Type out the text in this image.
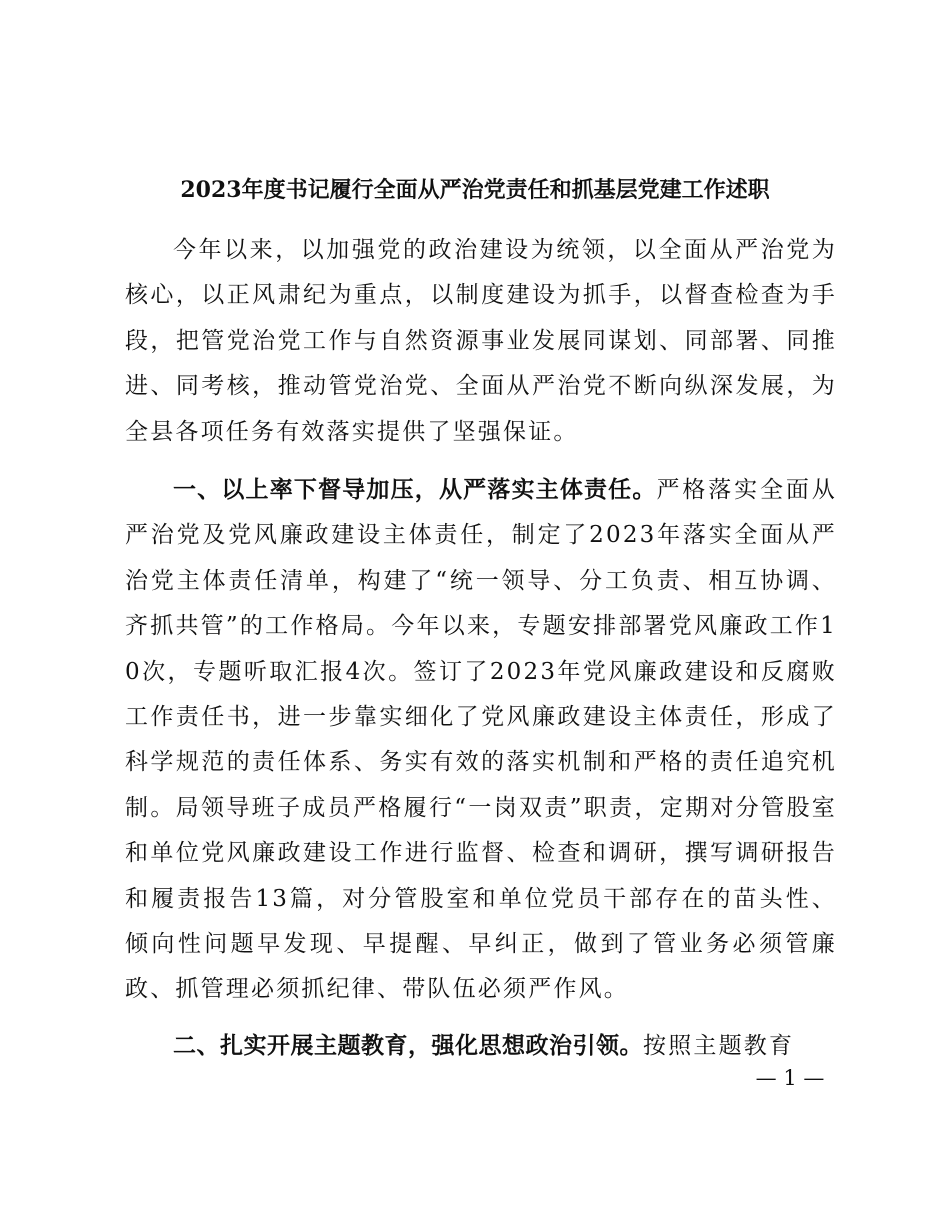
2023年度书记履行全面从严治党责任和抓基层党建工作述职

今年以来，以加强党的政治建设为统领，以全面从严治党为核心，以正风肃纪为重点，以制度建设为抓手，以督查检查为手段，把管党治党工作与自然资源事业发展同谋划、同部署、同推进、同考核，推动管党治党、全面从严治党不断向纵深发展，为全县各项任务有效落实提供了坚强保证。

一、以上率下督导加压，从严落实主体责任。严格落实全面从严治党及党风廉政建设主体责任，制定了2023年落实全面从严治党主体责任清单，构建了“统一领导、分工负责、相互协调、齐抓共管”的工作格局。今年以来，专题安排部署党风廉政工作10次，专题听取汇报4次。签订了2023年党风廉政建设和反腐败工作责任书，进一步靠实细化了党风廉政建设主体责任，形成了科学规范的责任体系、务实有效的落实机制和严格的责任追究机制。局领导班子成员严格履行“一岗双责”职责，定期对分管股室和单位党风廉政建设工作进行监督、检查和调研，撰写调研报告和履责报告13篇，对分管股室和单位党员干部存在的苗头性、倾向性问题早发现、早提醒、早纠正，做到了管业务必须管廉政、抓管理必须抓纪律、带队伍必须严作风。

二、扎实开展主题教育，强化思想政治引领。按照主题教育

— 1 —
